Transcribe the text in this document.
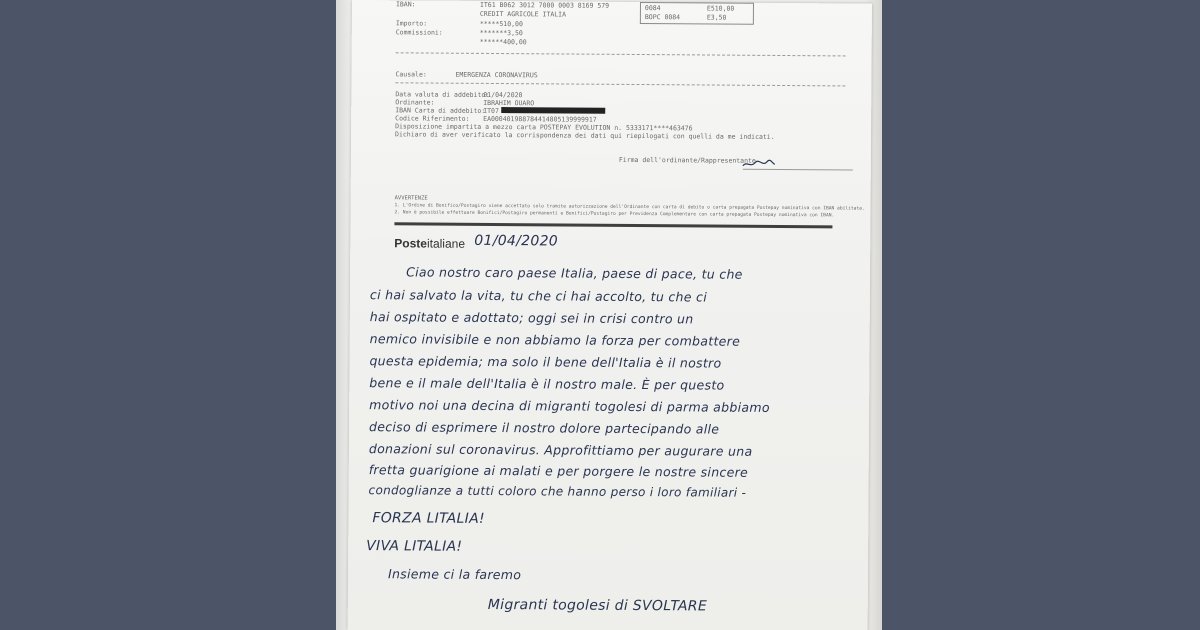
IBAN:	IT61 B062 3012 7000 0003 8169 579
CREDIT AGRICOLE ITALIA
Importo:	*****510,00
Commissioni:	*******3,50
******400,00
0084	E510,00
BOPC 0084	E3,50
Causale:	EMERGENZA CORONAVIRUS
Data valuta di addebito:
01/04/2020
Ordinante:	IBRAHIM OUARO
IBAN Carta di addebito:
IT07
Codice Riferimento: EA000401988784414805139999917
Disposizione impartita a mezzo carta POSTEPAY EVOLUTION n. 5333171****463476
Dichiaro di aver verificato la corrispondenza dei dati qui riepilogati con quelli da me indicati.
Firma dell'ordinante/Rappresentante
AVVERTENZE
1. L'Ordine di Bonifico/Postagiro viene accettato solo tramite autorizzazione dell'Ordinante con carta di debito o carta prepagata Postepay nominativa con IBAN abilitata.
2. Non è possibile effettuare Bonifici/Postagiro permanenti e Bonifici/Postagiro per Previdenza Complementare con carta prepagata Postepay nominativa con IBAN.
Posteitaliane 01/04/2020
Ciao nostro caro paese Italia, paese di pace, tu che
ci hai salvato la vita, tu che ci hai accolto, tu che ci
hai ospitato e adottato; oggi sei in crisi contro un
nemico invisibile e non abbiamo la forza per combattere
questa epidemia; ma solo il bene dell'Italia è il nostro
bene e il male dell'Italia è il nostro male. È per questo
motivo noi una decina di migranti togolesi di parma abbiamo
deciso di esprimere il nostro dolore partecipando alle
donazioni sul coronavirus. Approfittiamo per augurare una
fretta guarigione ai malati e per porgere le nostre sincere
condoglianze a tutti coloro che hanno perso i loro familiari -
FORZA LITALIA!
VIVA LITALIA!
Insieme ci la faremo
Migranti togolesi di SVOLTARE
